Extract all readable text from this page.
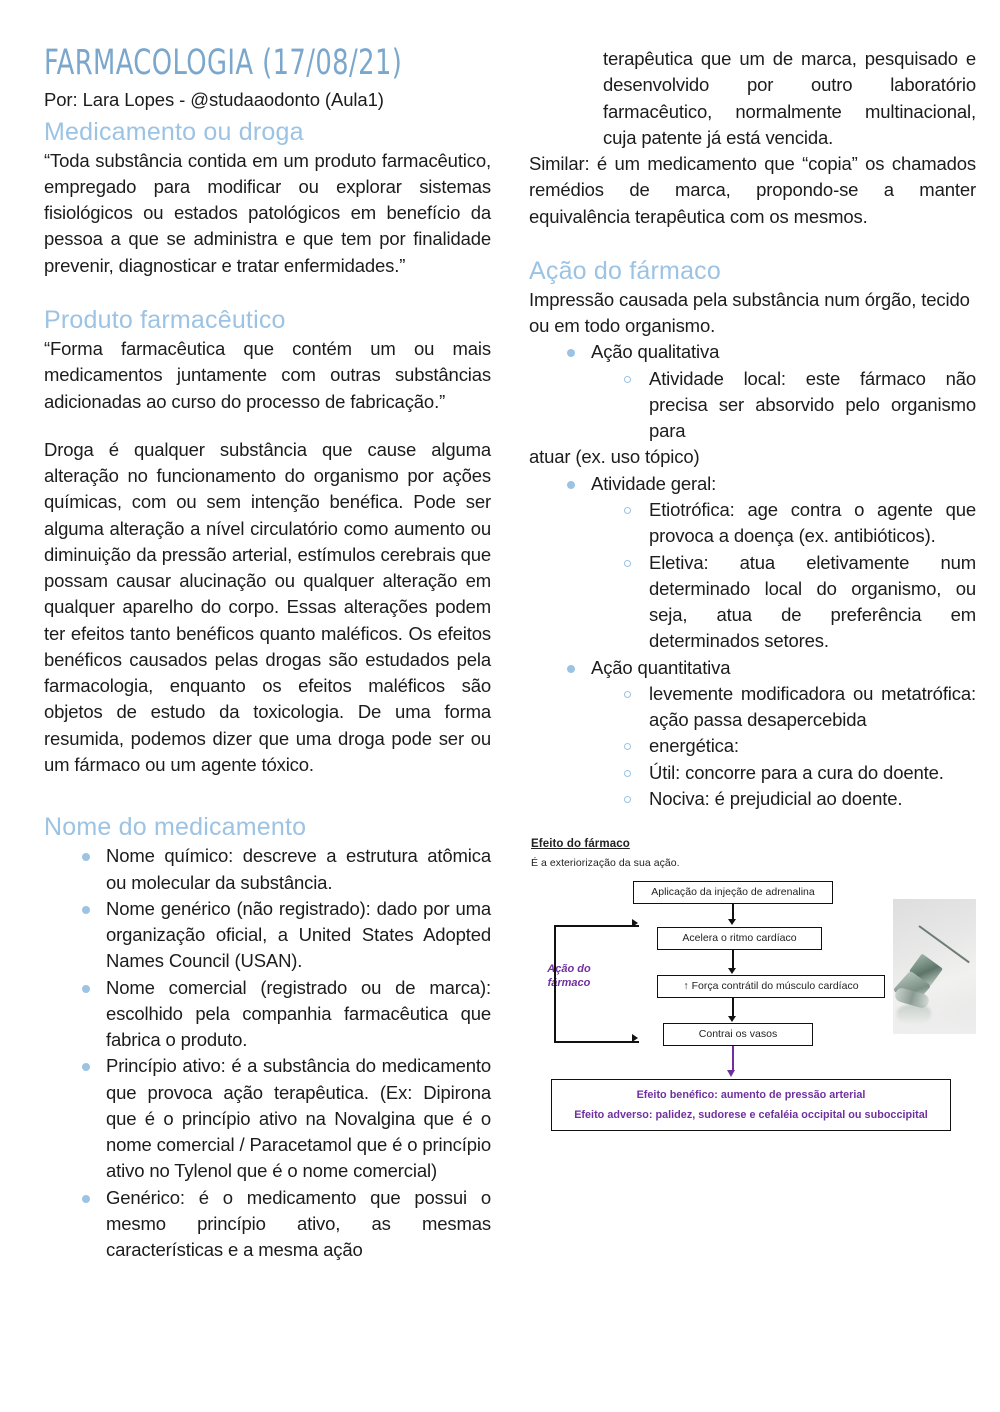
FARMACOLOGIA (17/08/21)

Por: Lara Lopes - @studaaodonto (Aula1)

Medicamento ou droga

“Toda substância contida em um produto farmacêutico, empregado para modificar ou explorar sistemas fisiológicos ou estados patológicos em benefício da pessoa a que se administra e que tem por finalidade prevenir, diagnosticar e tratar enfermidades.”

Produto farmacêutico

“Forma farmacêutica que contém um ou mais medicamentos juntamente com outras substâncias adicionadas ao curso do processo de fabricação.”

Droga é qualquer substância que cause alguma alteração no funcionamento do organismo por ações químicas, com ou sem intenção benéfica. Pode ser alguma alteração a nível circulatório como aumento ou diminuição da pressão arterial, estímulos cerebrais que possam causar alucinação ou qualquer alteração em qualquer aparelho do corpo. Essas alterações podem ter efeitos tanto benéficos quanto maléficos. Os efeitos benéficos causados pelas drogas são estudados pela farmacologia, enquanto os efeitos maléficos são objetos de estudo da toxicologia. De uma forma resumida, podemos dizer que uma droga pode ser ou um fármaco ou um agente tóxico.

Nome do medicamento
Nome químico: descreve a estrutura atômica ou molecular da substância.
Nome genérico (não registrado): dado por uma organização oficial, a United States Adopted Names Council (USAN).
Nome comercial (registrado ou de marca): escolhido pela companhia farmacêutica que fabrica o produto.
Princípio ativo: é a substância do medicamento que provoca ação terapêutica. (Ex: Dipirona que é o princípio ativo na Novalgina que é o nome comercial / Paracetamol que é o princípio ativo no Tylenol que é o nome comercial)
Genérico: é o medicamento que possui o mesmo princípio ativo, as mesmas características e a mesma ação

terapêutica que um de marca, pesquisado e desenvolvido por outro laboratório farmacêutico, normalmente multinacional, cuja patente já está vencida.

Similar: é um medicamento que “copia” os chamados remédios de marca, propondo-se a manter equivalência terapêutica com os mesmos.

Ação do fármaco

Impressão causada pela substância num órgão, tecido ou em todo organismo.

Ação qualitativa
Atividade local: este fármaco não precisa ser absorvido pelo organismo para

atuar (ex. uso tópico)

Atividade geral:
Etiotrófica: age contra o agente que provoca a doença (ex. antibióticos).
Eletiva: atua eletivamente num determinado local do organismo, ou seja, atua de preferência em determinados setores.
Ação quantitativa
levemente modificadora ou metatrófica: ação passa desapercebida
energética:
Útil: concorre para a cura do doente.
Nociva: é prejudicial ao doente.
Efeito do fármaco
É a exteriorização da sua ação.
Ação do fármaco
Aplicação da injeção de adrenalina
Acelera o ritmo cardíaco
↑ Força contrátil do músculo cardíaco
Contrai os vasos
Efeito benéfico: aumento de pressão arterial
Efeito adverso: palidez, sudorese e cefaléia occipital ou suboccipital
